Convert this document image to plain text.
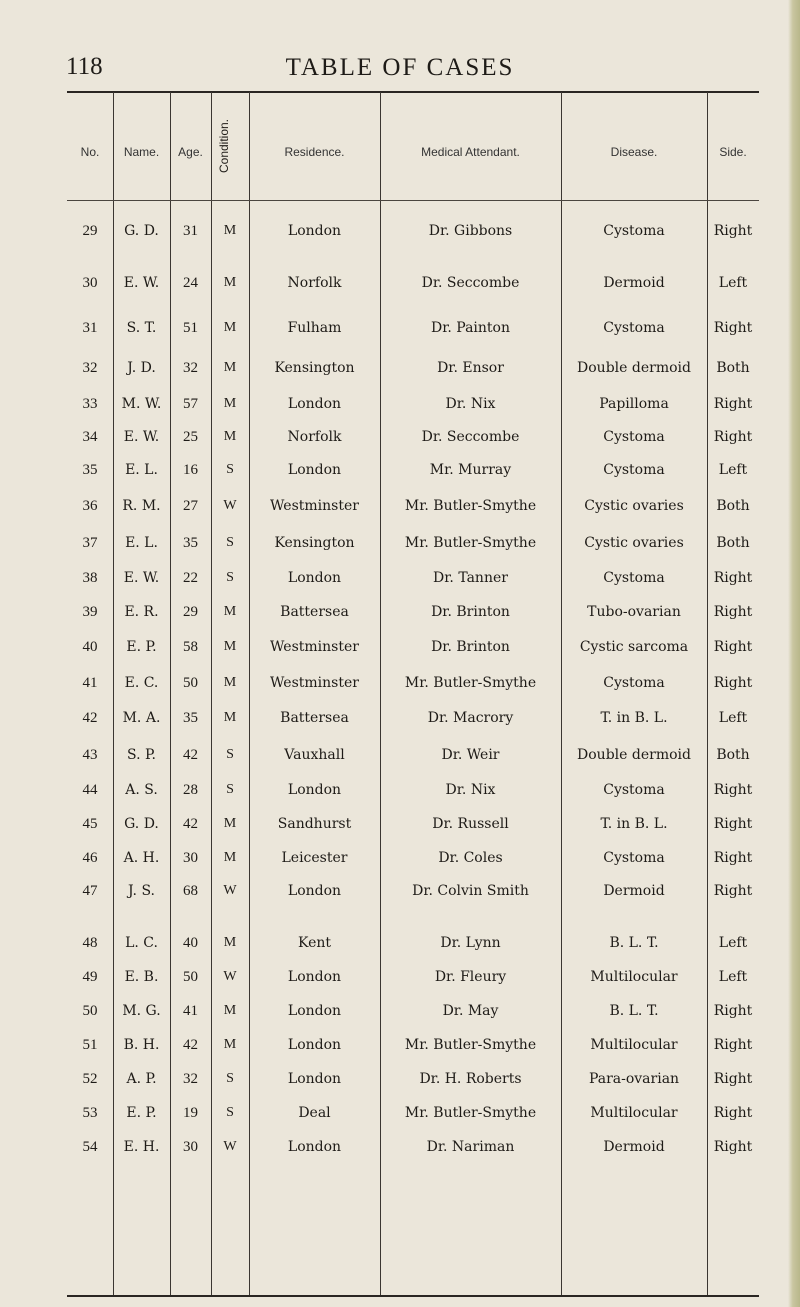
118	TABLE OF CASES
No.	Name.	Age.	Condition.	Residence.	Medical Attendant.	Disease.	Side.
29	G. D.	31	M	London	Dr. Gibbons	Cystoma	Right
30	E. W.	24	M	Norfolk	Dr. Seccombe	Dermoid	Left
31	S. T.	51	M	Fulham	Dr. Painton	Cystoma	Right
32	J. D.	32	M	Kensington	Dr. Ensor	Double dermoid	Both
33	M. W.	57	M	London	Dr. Nix	Papilloma	Right
34	E. W.	25	M	Norfolk	Dr. Seccombe	Cystoma	Right
35	E. L.	16	S	London	Mr. Murray	Cystoma	Left
36	R. M.	27	W	Westminster	Mr. Butler-Smythe	Cystic ovaries	Both
37	E. L.	35	S	Kensington	Mr. Butler-Smythe	Cystic ovaries	Both
38	E. W.	22	S	London	Dr. Tanner	Cystoma	Right
39	E. R.	29	M	Battersea	Dr. Brinton	Tubo-ovarian	Right
40	E. P.	58	M	Westminster	Dr. Brinton	Cystic sarcoma	Right
41	E. C.	50	M	Westminster	Mr. Butler-Smythe	Cystoma	Right
42	M. A.	35	M	Battersea	Dr. Macrory	T. in B. L.	Left
43	S. P.	42	S	Vauxhall	Dr. Weir	Double dermoid	Both
44	A. S.	28	S	London	Dr. Nix	Cystoma	Right
45	G. D.	42	M	Sandhurst	Dr. Russell	T. in B. L.	Right
46	A. H.	30	M	Leicester	Dr. Coles	Cystoma	Right
47	J. S.	68	W	London	Dr. Colvin Smith	Dermoid	Right
48	L. C.	40	M	Kent	Dr. Lynn	B. L. T.	Left
49	E. B.	50	W	London	Dr. Fleury	Multilocular	Left
50	M. G.	41	M	London	Dr. May	B. L. T.	Right
51	B. H.	42	M	London	Mr. Butler-Smythe	Multilocular	Right
52	A. P.	32	S	London	Dr. H. Roberts	Para-ovarian	Right
53	E. P.	19	S	Deal	Mr. Butler-Smythe	Multilocular	Right
54	E. H.	30	W	London	Dr. Nariman	Dermoid	Right
